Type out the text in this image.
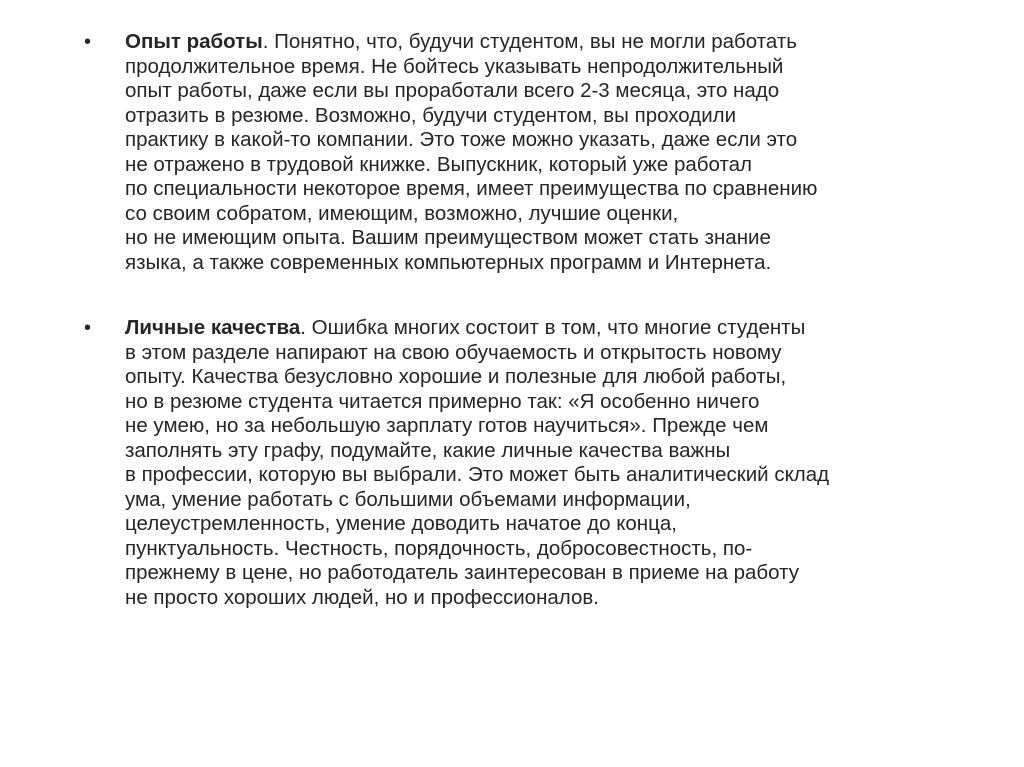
•	Опыт работы. Понятно, что, будучи студентом, вы не могли работать
продолжительное время. Не бойтесь указывать непродолжительный
опыт работы, даже если вы проработали всего 2-3 месяца, это надо
отразить в резюме. Возможно, будучи студентом, вы проходили
практику в какой-то компании. Это тоже можно указать, даже если это
не отражено в трудовой книжке. Выпускник, который уже работал
по специальности некоторое время, имеет преимущества по сравнению
со своим собратом, имеющим, возможно, лучшие оценки,
но не имеющим опыта. Вашим преимуществом может стать знание
языка, а также современных компьютерных программ и Интернета.
•	Личные качества. Ошибка многих состоит в том, что многие студенты
в этом разделе напирают на свою обучаемость и открытость новому
опыту. Качества безусловно хорошие и полезные для любой работы,
но в резюме студента читается примерно так: «Я особенно ничего
не умею, но за небольшую зарплату готов научиться». Прежде чем
заполнять эту графу, подумайте, какие личные качества важны
в профессии, которую вы выбрали. Это может быть аналитический склад
ума, умение работать с большими объемами информации,
целеустремленность, умение доводить начатое до конца,
пунктуальность. Честность, порядочность, добросовестность, по-
прежнему в цене, но работодатель заинтересован в приеме на работу
не просто хороших людей, но и профессионалов.
